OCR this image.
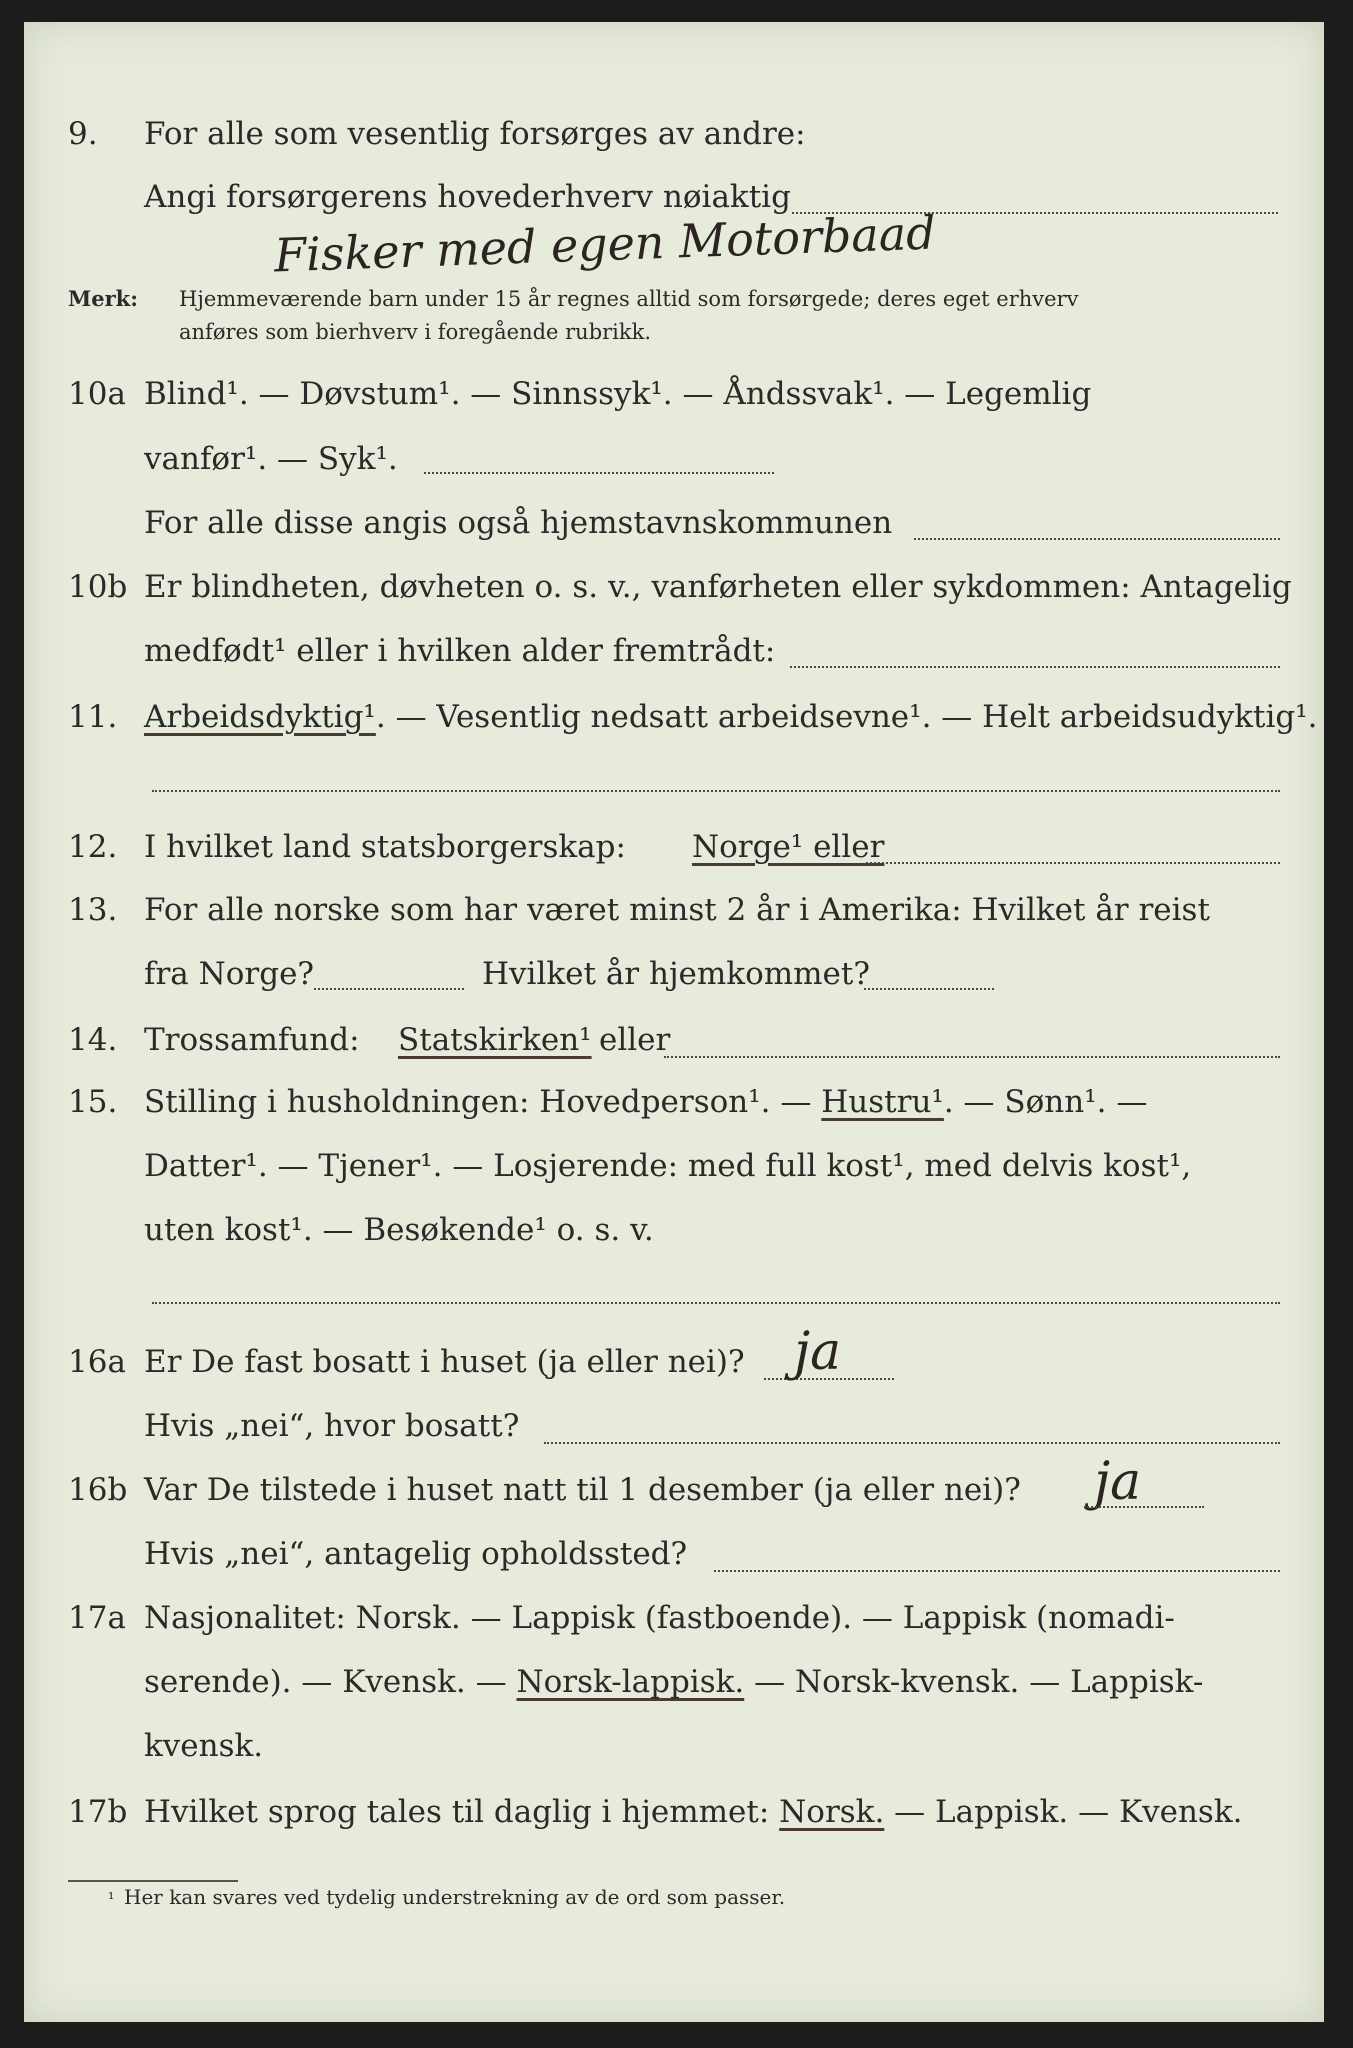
9. For alle som vesentlig forsørges av andre:
Angi forsørgerens hovederhverv nøiaktig
Fisker med egen Motorbaad
Merk: Hjemmeværende barn under 15 år regnes alltid som forsørgede; deres eget erhverv
anføres som bierhverv i foregående rubrikk.
10a Blind¹. — Døvstum¹. — Sinnssyk¹. — Åndssvak¹. — Legemlig
vanfør¹. — Syk¹.
For alle disse angis også hjemstavnskommunen
10b Er blindheten, døvheten o. s. v., vanførheten eller sykdommen: Antagelig
medfødt¹ eller i hvilken alder fremtrådt:
11. Arbeidsdyktig¹. — Vesentlig nedsatt arbeidsevne¹. — Helt arbeidsudyktig¹.
12. I hvilket land statsborgerskap: Norge¹ eller
13. For alle norske som har været minst 2 år i Amerika: Hvilket år reist
fra Norge?	Hvilket år hjemkommet?
14. Trossamfund: Statskirken¹ eller
15. Stilling i husholdningen: Hovedperson¹. — Hustru¹. — Sønn¹. —
Datter¹. — Tjener¹. — Losjerende: med full kost¹, med delvis kost¹,
uten kost¹. — Besøkende¹ o. s. v.
16a Er De fast bosatt i huset (ja eller nei)? ja
Hvis „nei“, hvor bosatt?
16b Var De tilstede i huset natt til 1 desember (ja eller nei)? ja
Hvis „nei“, antagelig opholdssted?
17a Nasjonalitet: Norsk. — Lappisk (fastboende). — Lappisk (nomadi-
serende). — Kvensk. — Norsk-lappisk. — Norsk-kvensk. — Lappisk-
kvensk.
17b Hvilket sprog tales til daglig i hjemmet: Norsk. — Lappisk. — Kvensk.
¹ Her kan svares ved tydelig understrekning av de ord som passer.
